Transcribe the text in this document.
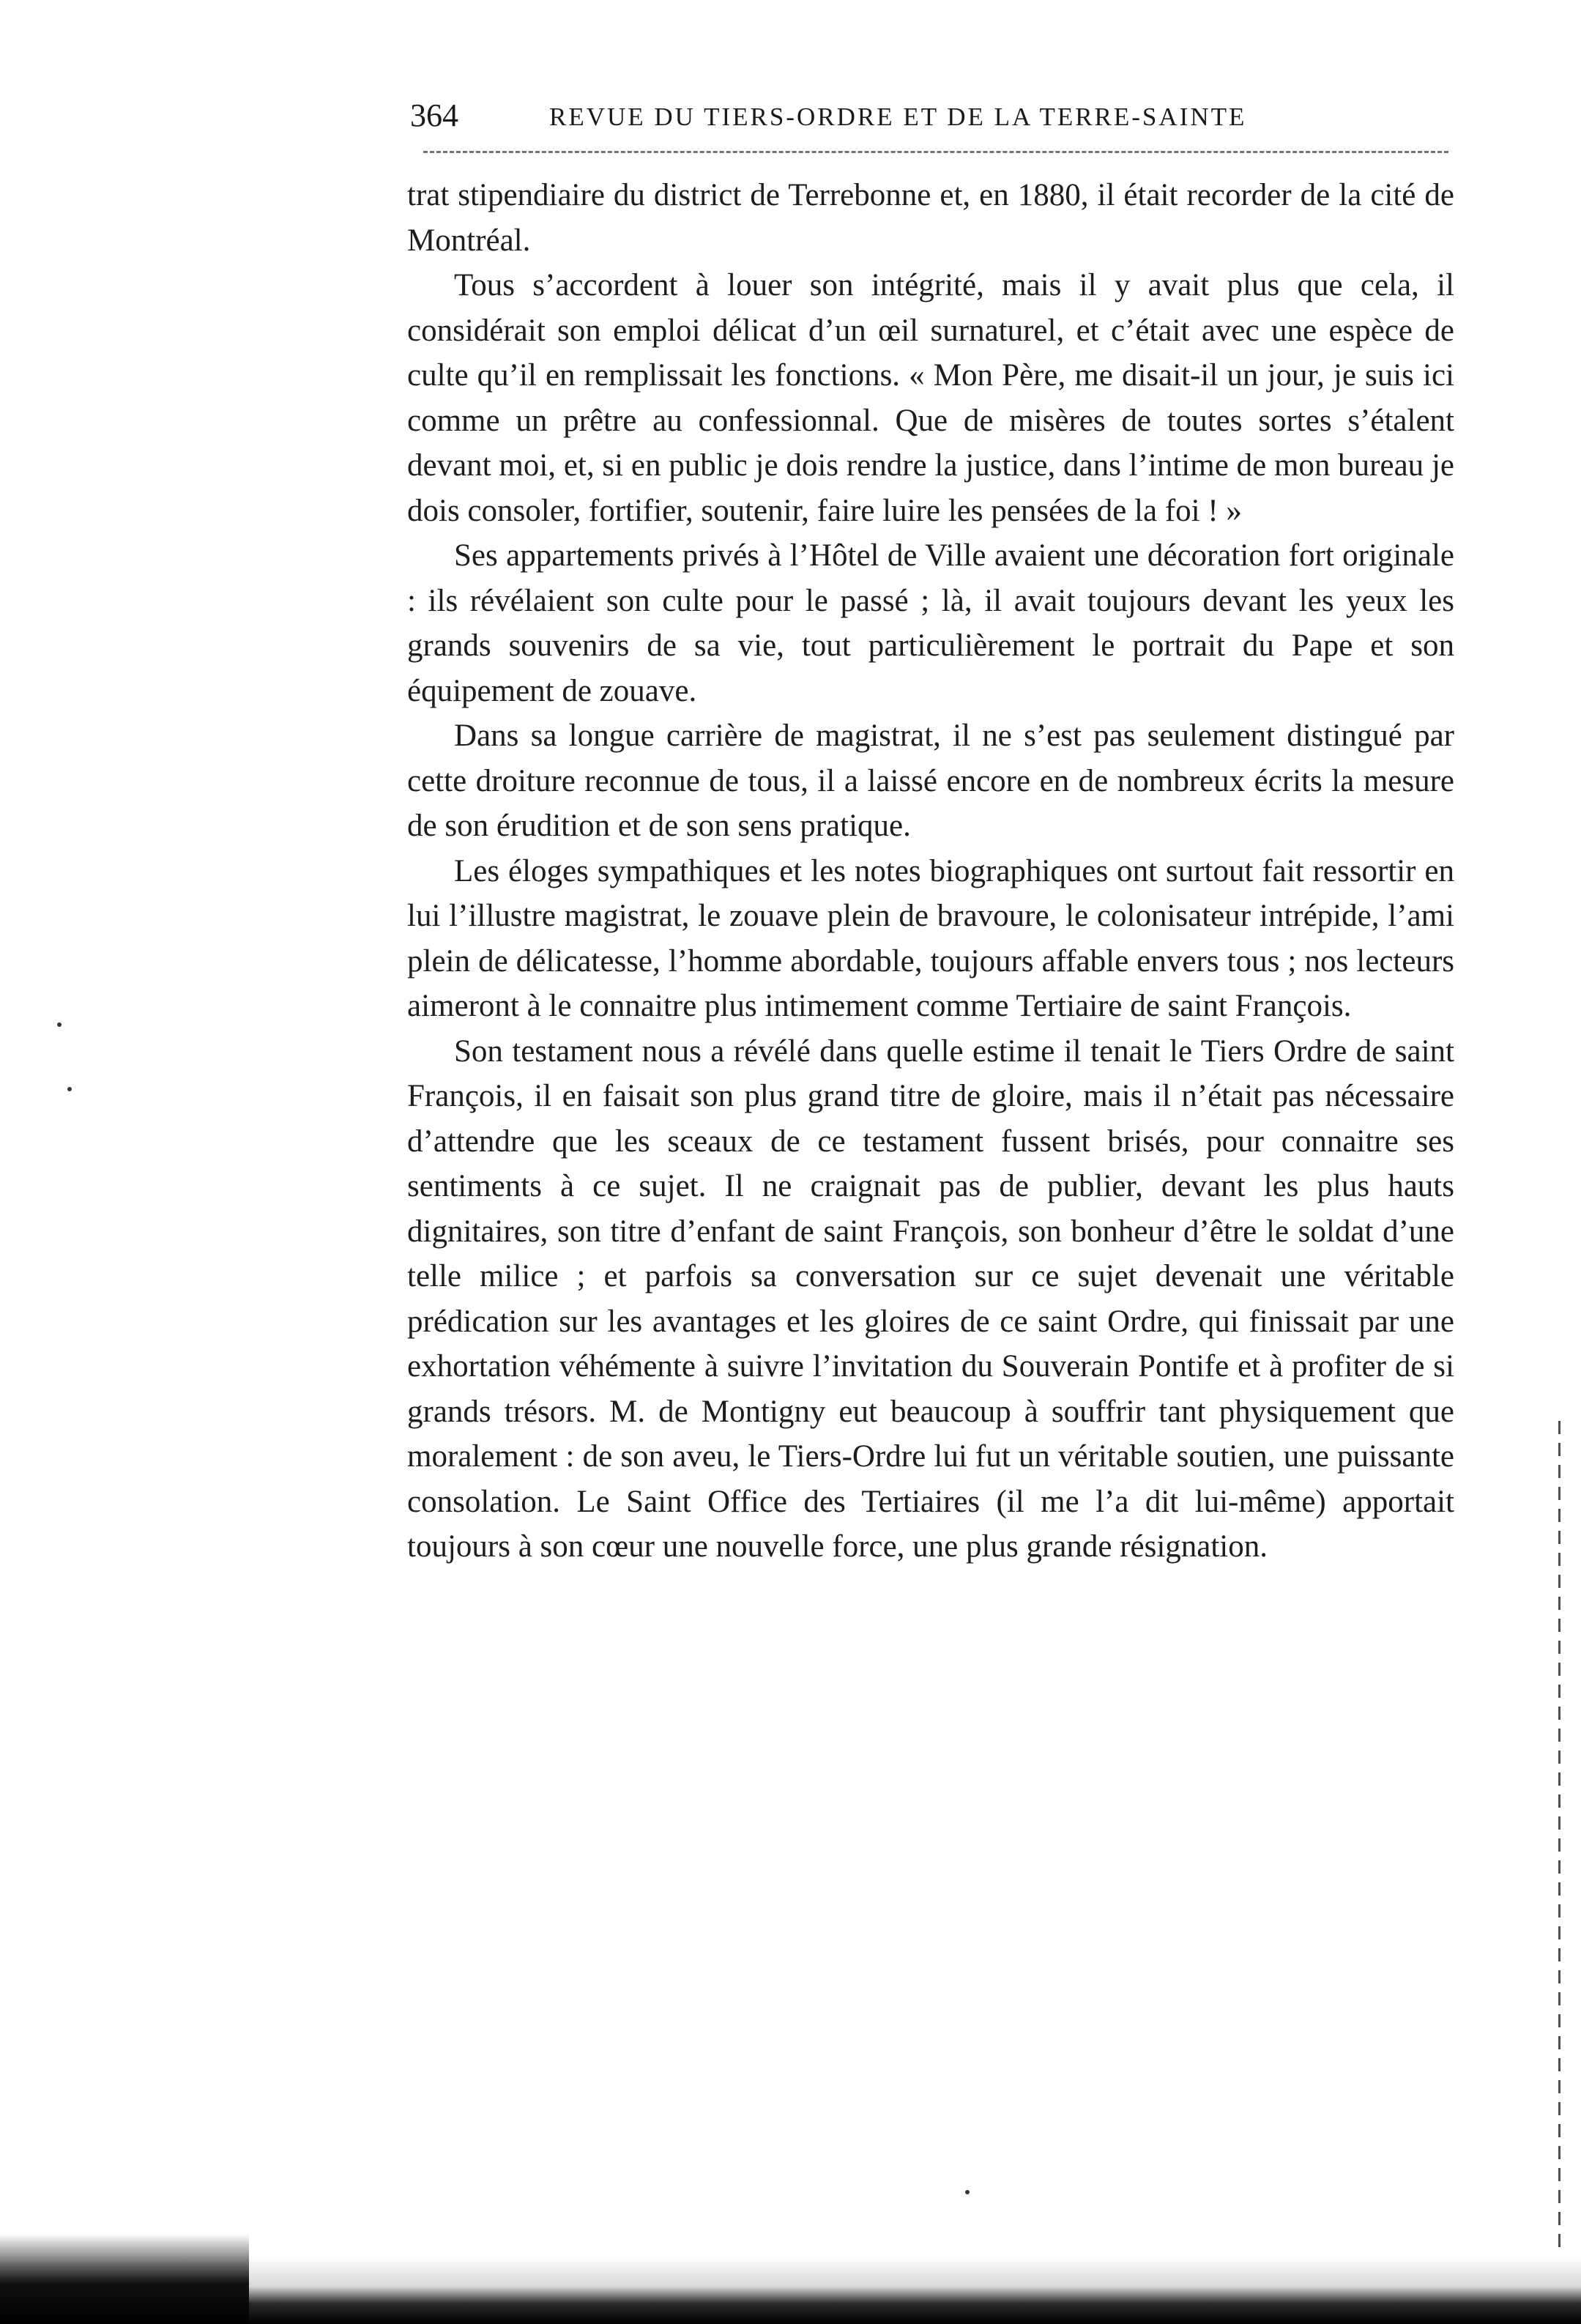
364	REVUE DU TIERS-ORDRE ET DE LA TERRE-SAINTE

trat stipendiaire du district de Terrebonne et, en 1880, il était recorder de la cité de Montréal.

Tous s’accordent à louer son intégrité, mais il y avait plus que cela, il considérait son emploi délicat d’un œil surnaturel, et c’était avec une espèce de culte qu’il en remplissait les fonctions. « Mon Père, me disait-il un jour, je suis ici comme un prêtre au confessionnal. Que de misères de toutes sortes s’étalent devant moi, et, si en public je dois rendre la justice, dans l’intime de mon bureau je dois consoler, fortifier, soutenir, faire luire les pensées de la foi ! »

Ses appartements privés à l’Hôtel de Ville avaient une décoration fort originale : ils révélaient son culte pour le passé ; là, il avait toujours devant les yeux les grands souvenirs de sa vie, tout particulièrement le portrait du Pape et son équipement de zouave.

Dans sa longue carrière de magistrat, il ne s’est pas seulement distingué par cette droiture reconnue de tous, il a laissé encore en de nombreux écrits la mesure de son érudition et de son sens pratique.

Les éloges sympathiques et les notes biographiques ont surtout fait ressortir en lui l’illustre magistrat, le zouave plein de bravoure, le colonisateur intrépide, l’ami plein de délicatesse, l’homme abordable, toujours affable envers tous ; nos lecteurs aimeront à le connaitre plus intimement comme Tertiaire de saint François.

Son testament nous a révélé dans quelle estime il tenait le Tiers Ordre de saint François, il en faisait son plus grand titre de gloire, mais il n’était pas nécessaire d’attendre que les sceaux de ce testament fussent brisés, pour connaitre ses sentiments à ce sujet. Il ne craignait pas de publier, devant les plus hauts dignitaires, son titre d’enfant de saint François, son bonheur d’être le soldat d’une telle milice ; et parfois sa conversation sur ce sujet devenait une véritable prédication sur les avantages et les gloires de ce saint Ordre, qui finissait par une exhortation véhémente à suivre l’invitation du Souverain Pontife et à profiter de si grands trésors. M. de Montigny eut beaucoup à souffrir tant physiquement que moralement : de son aveu, le Tiers-Ordre lui fut un véritable soutien, une puissante consolation. Le Saint Office des Tertiaires (il me l’a dit lui-même) apportait toujours à son cœur une nouvelle force, une plus grande résignation.
